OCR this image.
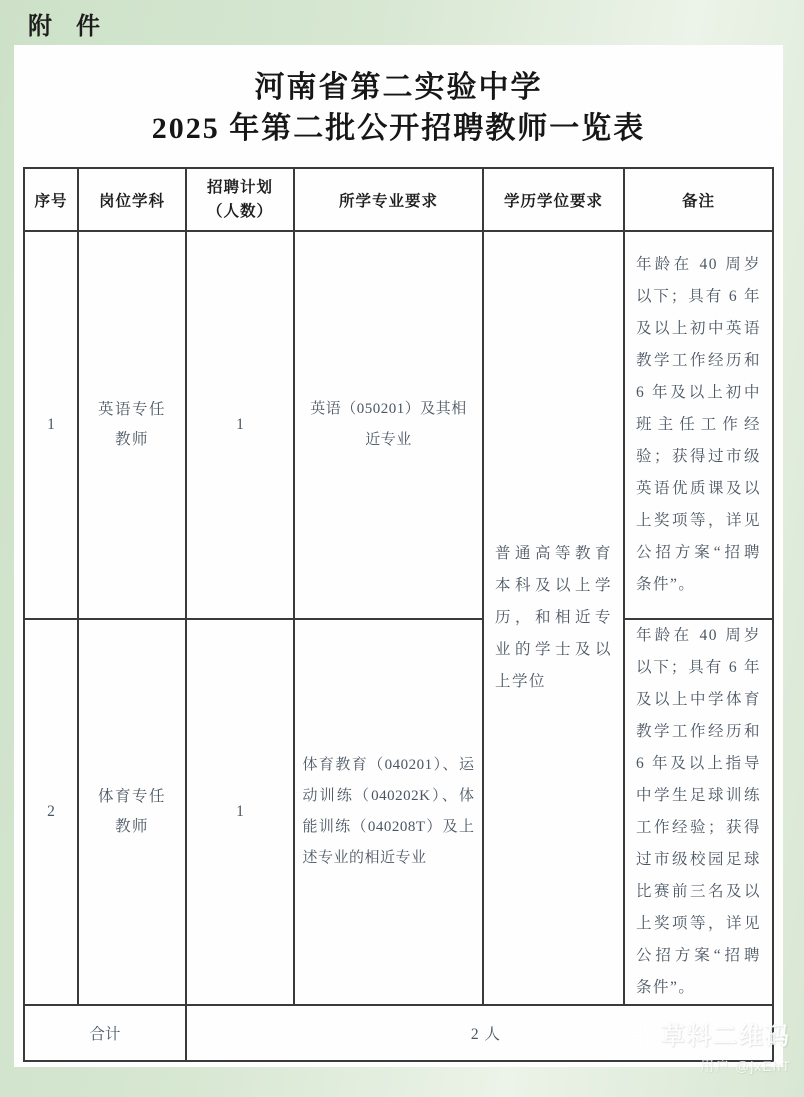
附　件
河南省第二实验中学
2025 年第二批公开招聘教师一览表
序号	岗位学科	招聘计划（人数）	所学专业要求	学历学位要求	备注
1	英语专任教师	1	英语（050201）及其相近专业	普通高等教育本科及以上学历，和相近专业的学士及以上学位	年龄在 40 周岁以下；具有 6 年及以上初中英语教学工作经历和 6 年及以上初中班主任工作经验；获得过市级英语优质课及以上奖项等，详见公招方案“招聘条件”。
2	体育专任教师	1	体育教育（040201）、运动训练（040202K）、体能训练（040208T）及上述专业的相近专业		年龄在 40 周岁以下；具有 6 年及以上中学体育教学工作经历和 6 年及以上指导中学生足球训练工作经验；获得过市级校园足球比赛前三名及以上奖项等，详见公招方案“招聘条件”。
合计		2 人				草料二维码
用户 @jxEhT
